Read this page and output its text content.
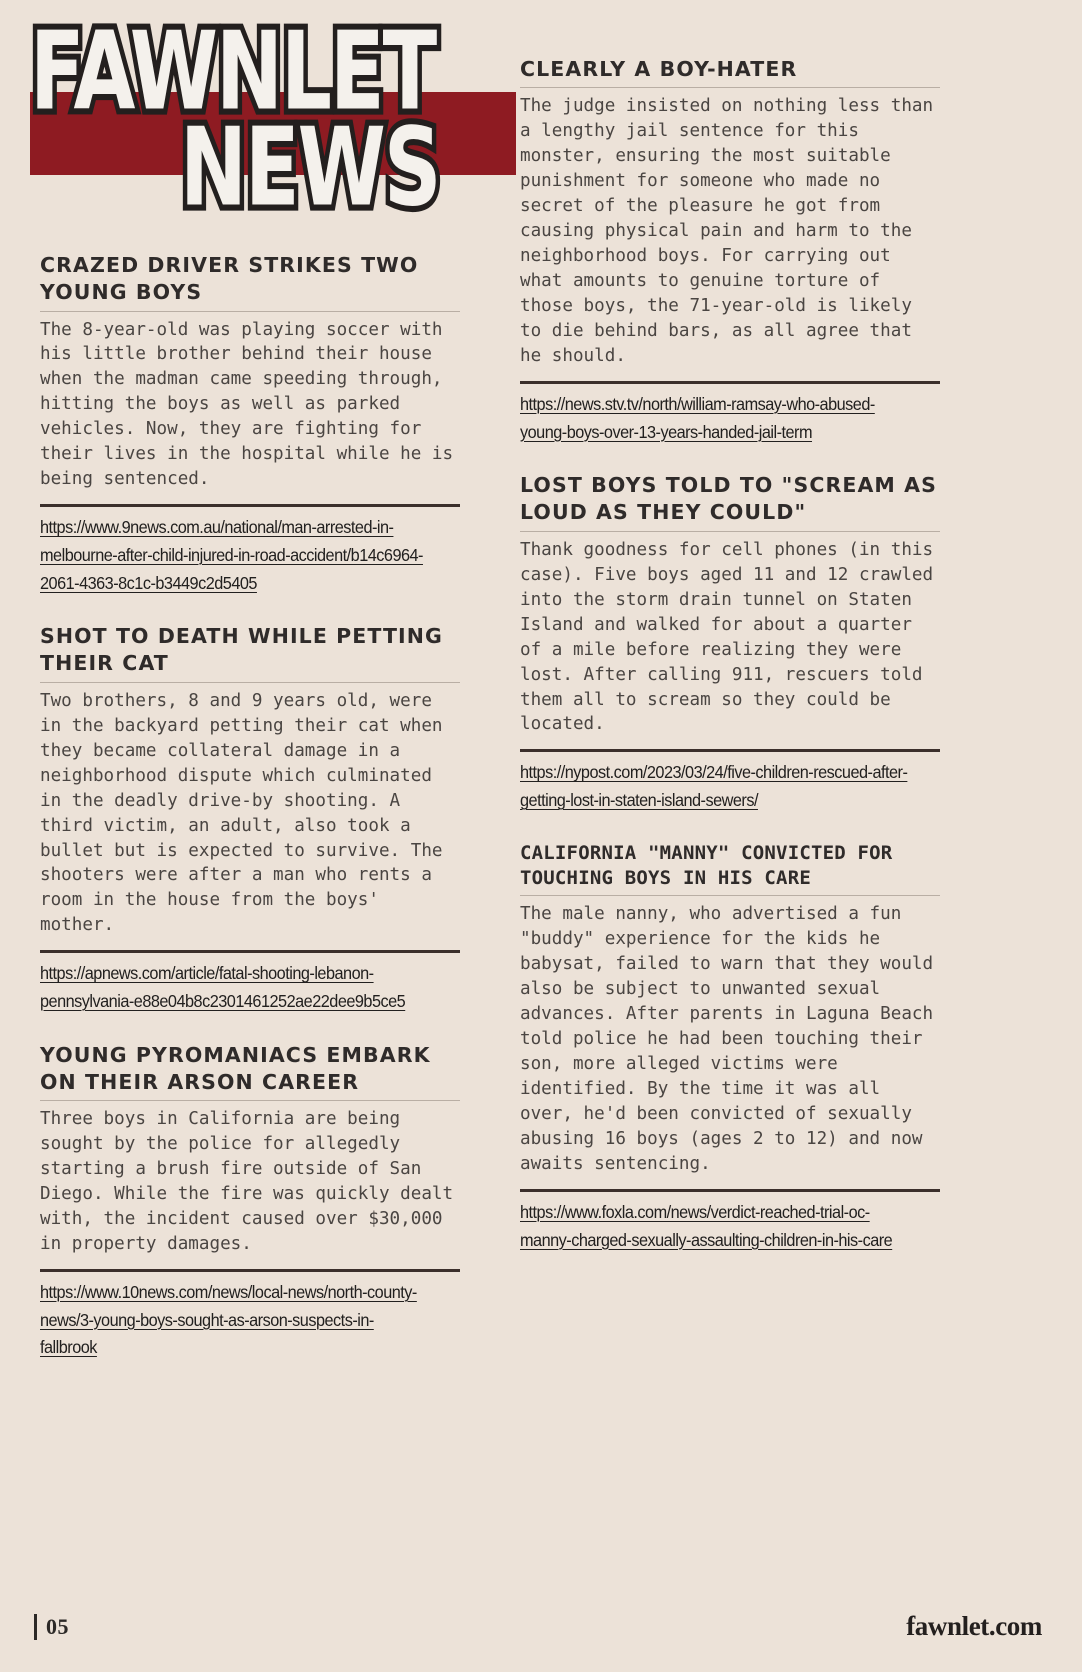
FAWNLET
NEWS
CRAZED DRIVER STRIKES TWO YOUNG BOYS

The 8-year-old was playing soccer with his little brother behind their house when the madman came speeding through, hitting the boys as well as parked vehicles. Now, they are fighting for their lives in the hospital while he is being sentenced.

https://www.9news.com.au/national/man-arrested-in-melbourne-after-child-injured-in-road-accident/b14c6964-2061-4363-8c1c-b3449c2d5405
SHOT TO DEATH WHILE PETTING THEIR CAT

Two brothers, 8 and 9 years old, were in the backyard petting their cat when they became collateral damage in a neighborhood dispute which culminated in the deadly drive-by shooting. A third victim, an adult, also took a bullet but is expected to survive. The shooters were after a man who rents a room in the house from the boys' mother.

https://apnews.com/article/fatal-shooting-lebanon-pennsylvania-e88e04b8c2301461252ae22dee9b5ce5
YOUNG PYROMANIACS EMBARK ON THEIR ARSON CAREER

Three boys in California are being sought by the police for allegedly starting a brush fire outside of San Diego. While the fire was quickly dealt with, the incident caused over $30,000 in property damages.

https://www.10news.com/news/local-news/north-county-news/3-young-boys-sought-as-arson-suspects-in-fallbrook
CLEARLY A BOY-HATER

The judge insisted on nothing less than a lengthy jail sentence for this monster, ensuring the most suitable punishment for someone who made no secret of the pleasure he got from causing physical pain and harm to the neighborhood boys. For carrying out what amounts to genuine torture of those boys, the 71-year-old is likely to die behind bars, as all agree that he should.

https://news.stv.tv/north/william-ramsay-who-abused-young-boys-over-13-years-handed-jail-term
LOST BOYS TOLD TO "SCREAM AS LOUD AS THEY COULD"

Thank goodness for cell phones (in this case). Five boys aged 11 and 12 crawled into the storm drain tunnel on Staten Island and walked for about a quarter of a mile before realizing they were lost. After calling 911, rescuers told them all to scream so they could be located.

https://nypost.com/2023/03/24/five-children-rescued-after-getting-lost-in-staten-island-sewers/
CALIFORNIA "MANNY" CONVICTED FOR TOUCHING BOYS IN HIS CARE

The male nanny, who advertised a fun "buddy" experience for the kids he babysat, failed to warn that they would also be subject to unwanted sexual advances. After parents in Laguna Beach told police he had been touching their son, more alleged victims were identified. By the time it was all over, he'd been convicted of sexually abusing 16 boys (ages 2 to 12) and now awaits sentencing.

https://www.foxla.com/news/verdict-reached-trial-oc-manny-charged-sexually-assaulting-children-in-his-care
05	fawnlet.com
